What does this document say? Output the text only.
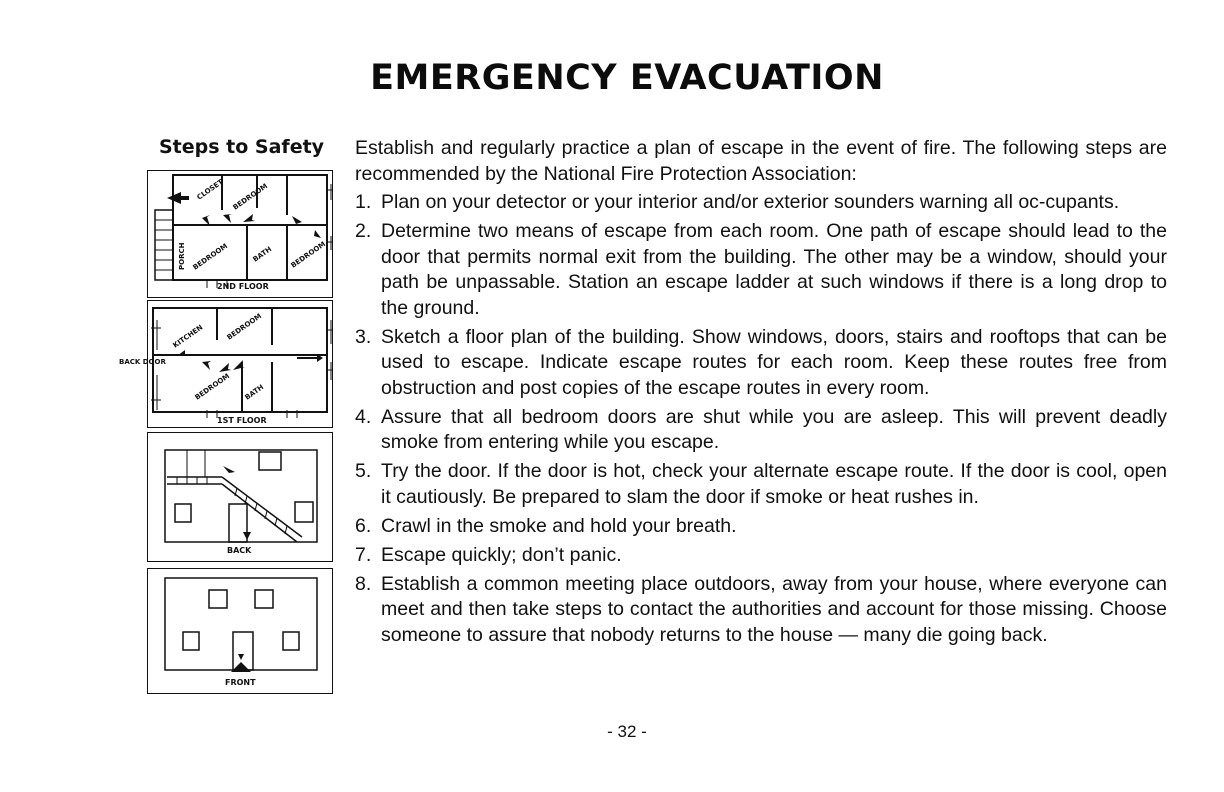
EMERGENCY EVACUATION
Steps to Safety
CLOSET BEDROOM
BEDROOM	BATH BEDROOM
PORCH
2ND FLOOR
KITCHEN	BEDROOM
BEDROOM BATH
BACK DOOR
1ST FLOOR
BACK
FRONT
Establish and regularly practice a plan of escape in the event of fire. The following steps are recommended by the National Fire Protection Association:
1. Plan on your detector or your interior and/or exterior sounders warning all oc-cupants.
2. Determine two means of escape from each room. One path of escape should lead to the door that permits normal exit from the building. The other may be a window, should your path be unpassable. Station an escape ladder at such windows if there is a long drop to the ground.
3. Sketch a floor plan of the building. Show windows, doors, stairs and rooftops that can be used to escape. Indicate escape routes for each room. Keep these routes free from obstruction and post copies of the escape routes in every room.
4. Assure that all bedroom doors are shut while you are asleep. This will prevent deadly smoke from entering while you escape.
5. Try the door. If the door is hot, check your alternate escape route. If the door is cool, open it cautiously. Be prepared to slam the door if smoke or heat rushes in.
6. Crawl in the smoke and hold your breath.
7. Escape quickly; don’t panic.
8. Establish a common meeting place outdoors, away from your house, where everyone can meet and then take steps to contact the authorities and account for those missing. Choose someone to assure that nobody returns to the house — many die going back.
- 32 -
